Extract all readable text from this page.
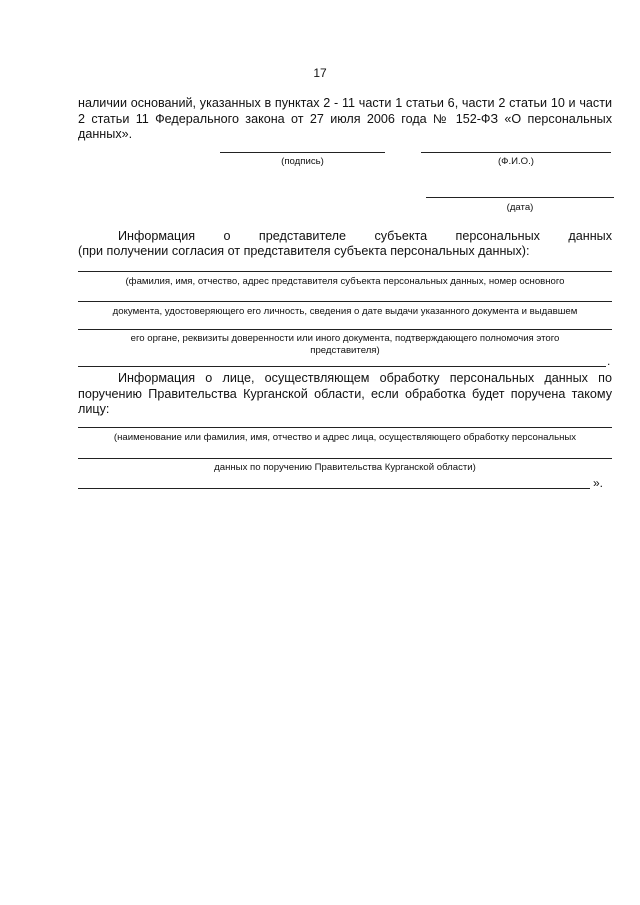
17
наличии оснований, указанных в пунктах 2 - 11 части 1 статьи 6, части 2 статьи 10 и части 2 статьи 11 Федерального закона от 27 июля 2006 года № 152-ФЗ «О персональных данных».
(подпись)	(Ф.И.О.)
(дата)
Информация о представителе субъекта персональных данных
(при получении согласия от представителя субъекта персональных данных):
(фамилия, имя, отчество, адрес представителя субъекта персональных данных, номер основного
документа, удостоверяющего его личность, сведения о дате выдачи указанного документа и выдавшем
его органе, реквизиты доверенности или иного документа, подтверждающего полномочия этого
представителя)
.
Информация о лице, осуществляющем обработку персональных данных по поручению Правительства Курганской области, если обработка будет поручена такому лицу:
(наименование или фамилия, имя, отчество и адрес лица, осуществляющего обработку персональных
данных по поручению Правительства Курганской области)
».
